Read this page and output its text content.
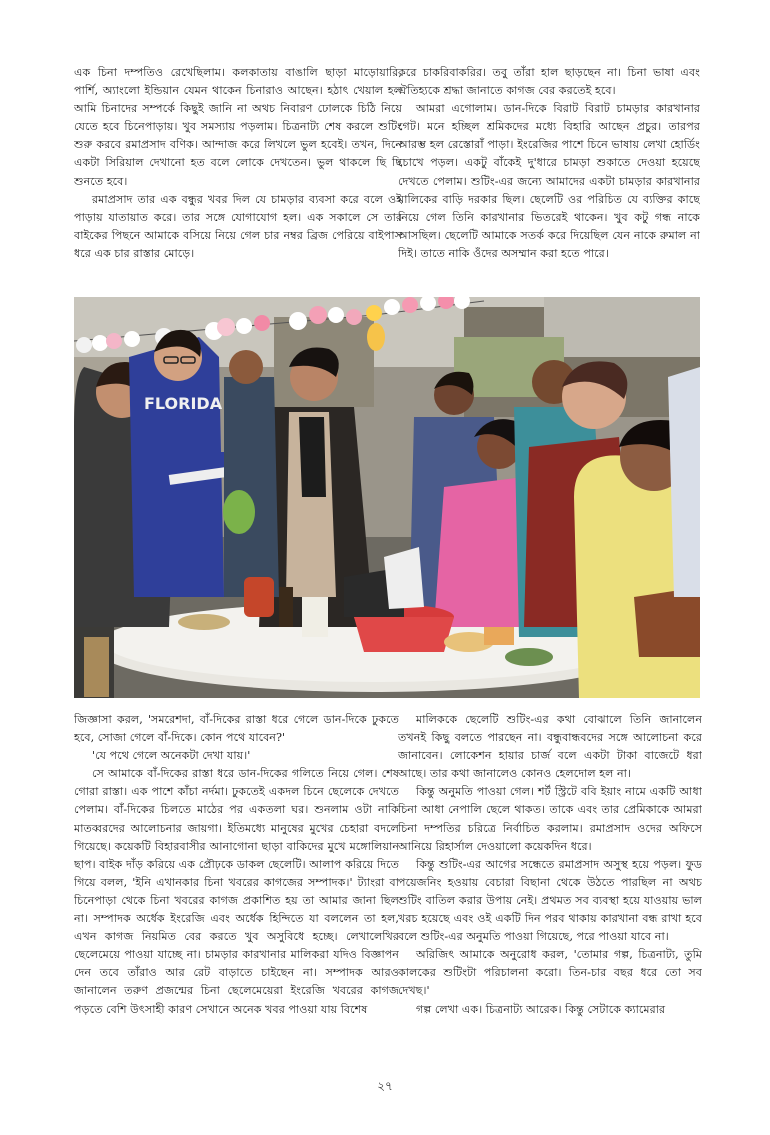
এক চিনা দম্পতিও রেখেছিলাম। কলকাতায় বাঙালি ছাড়া মাড়োয়ারি, পার্শি, অ্যাংলো ইন্ডিয়ান যেমন থাকেন চিনারাও আছেন। হঠাৎ খেয়াল হল আমি চিনাদের সম্পর্কে কিছুই জানি না অথচ নিবারণ ঢোলকে চিঠি নিয়ে যেতে হবে চিনেপাড়ায়। খুব সমস্যায় পড়লাম। চিত্রনাট্য শেষ করলে শুটিং শুরু করবে রমাপ্রসাদ বণিক। আন্দাজ করে লিখলে ভুল হবেই। তখন, দিনে একটা সিরিয়াল দেখানো হত বলে লোকে দেখতেন। ভুল থাকলে ছি ছি শুনতে হবে।

রমাপ্রসাদ তার এক বন্ধুর খবর দিল যে চামড়ার ব্যবসা করে বলে ওই পাড়ায় যাতায়াত করে। তার সঙ্গে যোগাযোগ হল। এক সকালে সে তার বাইকের পিছনে আমাকে বসিয়ে নিয়ে গেল চার নম্বর ব্রিজ পেরিয়ে বাইপাস ধরে এক চার রাস্তার মোড়ে।

করে চাকরিবাকরির। তবু তাঁরা হাল ছাড়ছেন না। চিনা ভাষা এবং ঐতিহ্যকে শ্রদ্ধা জানাতে কাগজ বের করতেই হবে।

আমরা এগোলাম। ডান-দিকে বিরাট বিরাট চামড়ার কারখানার গেট। মনে হচ্ছিল শ্রমিকদের মধ্যে বিহারি আছেন প্রচুর। তারপর আরম্ভ হল রেস্তোরাঁ পাড়া। ইংরেজির পাশে চিনে ভাষায় লেখা হোর্ডিং চোখে পড়ল। একটু বাঁকেই দু'ধারে চামড়া শুকাতে দেওয়া হয়েছে দেখতে পেলাম। শুটিং-এর জন্যে আমাদের একটা চামড়ার কারখানার মালিকের বাড়ি দরকার ছিল। ছেলেটি ওর পরিচিত যে ব্যক্তির কাছে নিয়ে গেল তিনি কারখানার ভিতরেই থাকেন। খুব কটু গন্ধ নাকে আসছিল। ছেলেটি আমাকে সতর্ক করে দিয়েছিল যেন নাকে রুমাল না দিই। তাতে নাকি ওঁদের অসম্মান করা হতে পারে।

FLORIDA

জিজ্ঞাসা করল, 'সমরেশদা, বাঁ-দিকের রাস্তা ধরে গেলে ডান-দিকে ঢুকতে হবে, সোজা গেলে বাঁ-দিকে। কোন পথে যাবেন?'

'যে পথে গেলে অনেকটা দেখা যায়।'

সে আমাকে বাঁ-দিকের রাস্তা ধরে ডান-দিকের গলিতে নিয়ে গেল। শেষ গোরা রাস্তা। এক পাশে কাঁচা নর্দমা। ঢুকতেই একদল চিনে ছেলেকে দেখতে পেলাম। বাঁ-দিকের চিলতে মাঠের পর একতলা ঘর। শুনলাম ওটা নাকি মাতব্বরদের আলোচনার জায়গা। ইতিমধ্যে মানুষের মুখের চেহারা বদলে গিয়েছে। কয়েকটি বিহারবাসীর আনাগোনা ছাড়া বাকিদের মুখে মঙ্গোলিয়ান ছাপ। বাইক দাঁড় করিয়ে এক প্রৌঢ়কে ডাকল ছেলেটি। আলাপ করিয়ে দিতে গিয়ে বলল, 'ইনি এখানকার চিনা খবরের কাগজের সম্পাদক।' ট্যাংরা বা চিনেপাড়া থেকে চিনা খবরের কাগজ প্রকাশিত হয় তা আমার জানা ছিল না। সম্পাদক অর্ধেক ইংরেজি এবং অর্ধেক হিন্দিতে যা বললেন তা হল, এখন কাগজ নিয়মিত বের করতে খুব অসুবিধে হচ্ছে। লেখালেখির ছেলেমেয়ে পাওয়া যাচ্ছে না। চামড়ার কারখানার মালিকরা যদিও বিজ্ঞাপন দেন তবে তাঁরাও আর রেট বাড়াতে চাইছেন না। সম্পাদক আরও জানালেন তরুণ প্রজন্মের চিনা ছেলেমেয়েরা ইংরেজি খবরের কাগজ পড়তে বেশি উৎসাহী কারণ সেখানে অনেক খবর পাওয়া যায় বিশেষ

মালিককে ছেলেটি শুটিং-এর কথা বোঝালে তিনি জানালেন তখনই কিছু বলতে পারছেন না। বন্ধুবান্ধবদের সঙ্গে আলোচনা করে জানাবেন। লোকেশন হায়ার চার্জ বলে একটা টাকা বাজেটে ধরা আছে। তার কথা জানালেও কোনও হেলদোল হল না।

কিন্তু অনুমতি পাওয়া গেল। শর্ট স্ট্রিটে ববি ইয়াং নামে একটি আধা চিনা আধা নেপালি ছেলে থাকত। তাকে এবং তার প্রেমিকাকে আমরা চিনা দম্পতির চরিত্রে নির্বাচিত করলাম। রমাপ্রসাদ ওদের অফিসে আনিয়ে রিহার্সাল দেওয়ালো কয়েকদিন ধরে।

কিন্তু শুটিং-এর আগের সন্ধেতে রমাপ্রসাদ অসুস্থ হয়ে পড়ল। ফুড পয়েজনিং হওয়ায় বেচারা বিছানা থেকে উঠতে পারছিল না অথচ শুটিং বাতিল করার উপায় নেই। প্রথমত সব ব্যবস্থা হয়ে যাওয়ায় ভাল খরচ হয়েছে এবং ওই একটি দিন পরব থাকায় কারখানা বন্ধ রাখা হবে বলে শুটিং-এর অনুমতি পাওয়া গিয়েছে, পরে পাওয়া যাবে না।

অরিজিৎ আমাকে অনুরোধ করল, 'তোমার গল্প, চিত্রনাট্য, তুমি কালকের শুটিংটা পরিচালনা করো। তিন-চার বছর ধরে তো সব দেখছ।'

গল্প লেখা এক। চিত্রনাট্য আরেক। কিন্তু সেটাকে ক্যামেরার

২৭
